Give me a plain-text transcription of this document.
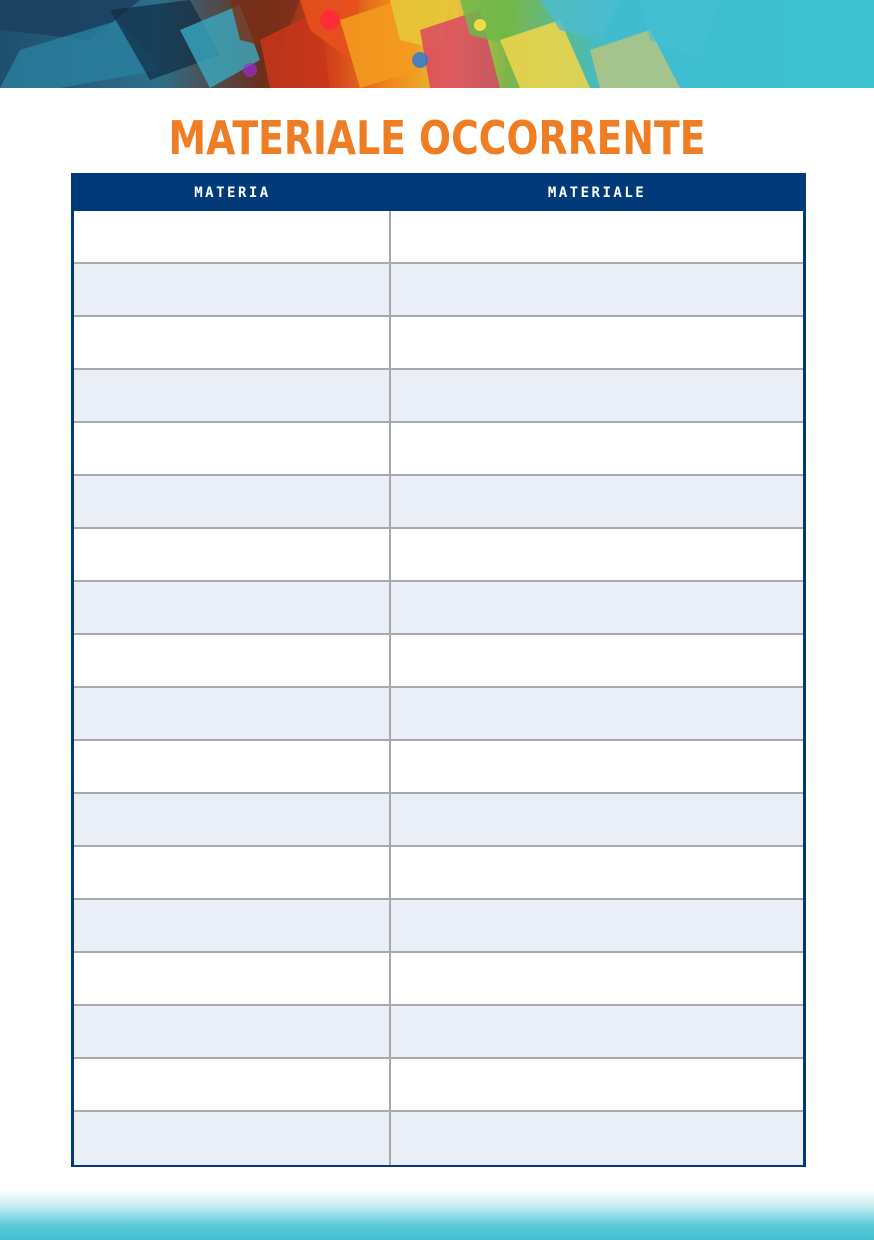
MATERIALE OCCORRENTE
MATERIA	MATERIALE
